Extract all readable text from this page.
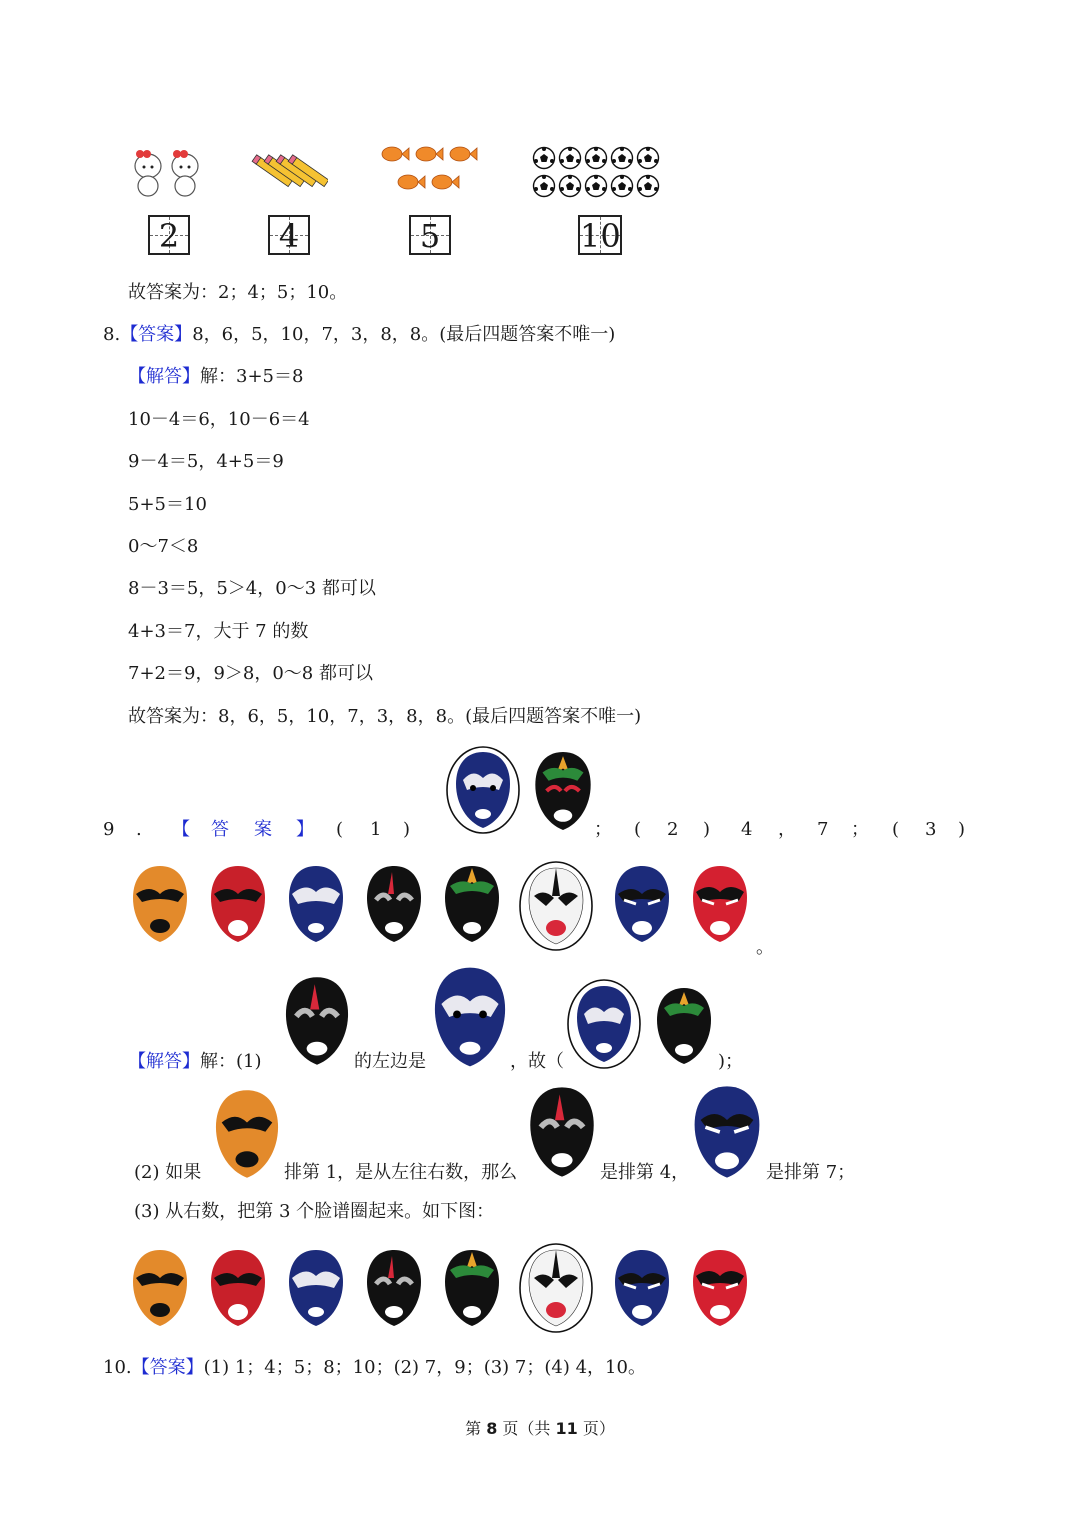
2	4	5	10
故答案为：2；4；5；10。
8.【答案】8，6，5，10，7，3，8，8。(最后四题答案不唯一)
【解答】解：3+5＝8
10－4＝6，10－6＝4
9－4＝5，4+5＝9
5+5＝10
0～7＜8
8－3＝5，5＞4，0～3 都可以
4+3＝7，大于 7 的数
7+2＝9，9＞8，0～8 都可以
故答案为：8，6，5，10，7，3，8，8。(最后四题答案不唯一)
9 . 【 答 案 】 ( 1 )	； ( 2 ) 4 ， 7 ； ( 3 )
。
【解答】解：(1)	的左边是	，故（	)；
(2) 如果	排第 1，是从左往右数，那么	是排第 4，	是排第 7；
(3) 从右数，把第 3 个脸谱圈起来。如下图：
10.【答案】(1) 1；4；5；8；10；(2) 7，9；(3) 7；(4) 4，10。
第 8 页（共 11 页）
